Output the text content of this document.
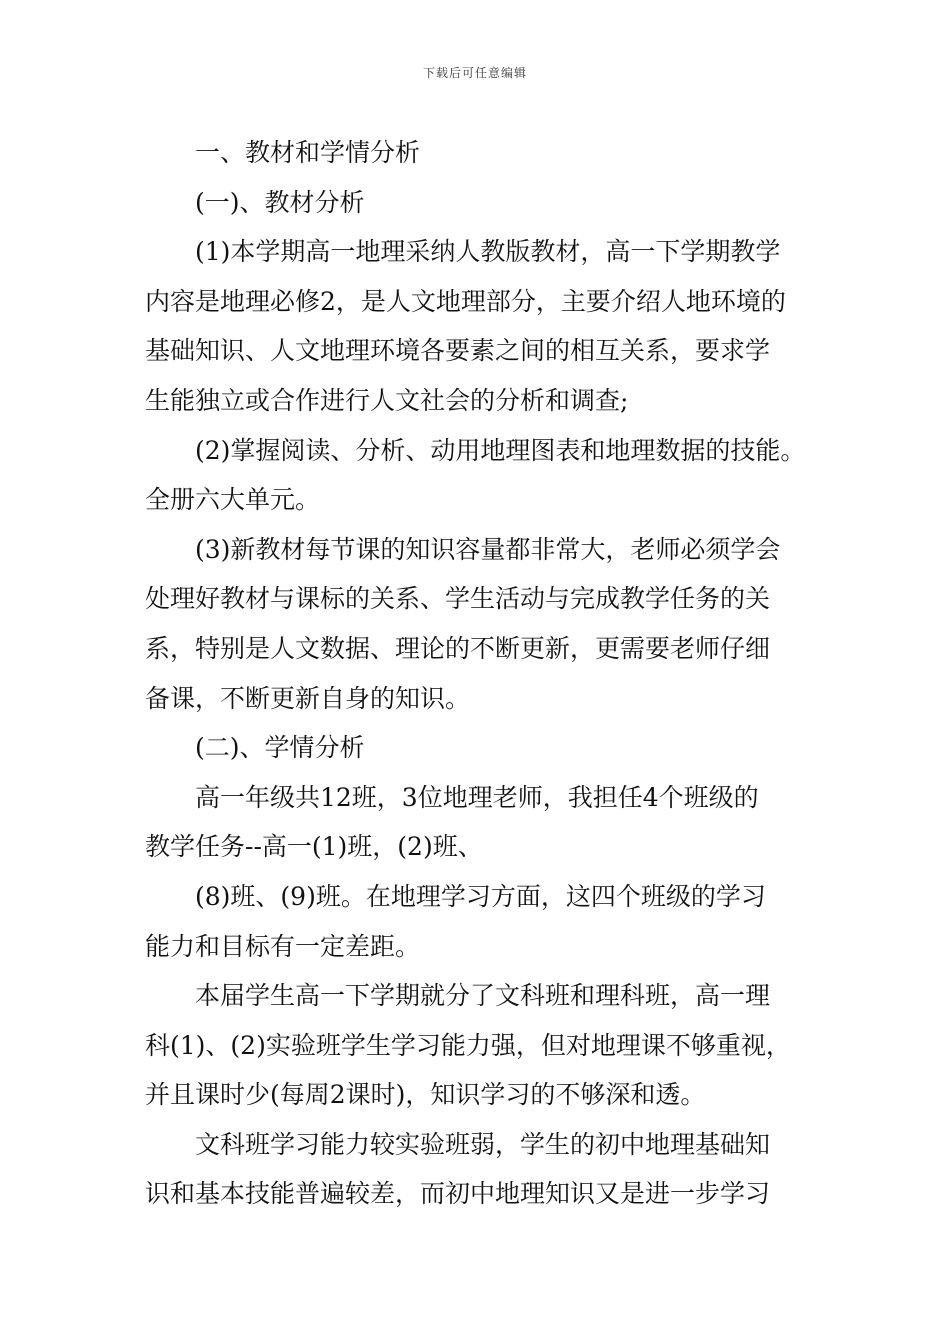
下载后可任意编辑

一、教材和学情分析

(一)、教材分析

(1)本学期高一地理采纳人教版教材，高一下学期教学
内容是地理必修2，是人文地理部分，主要介绍人地环境的
基础知识、人文地理环境各要素之间的相互关系，要求学
生能独立或合作进行人文社会的分析和调查;

(2)掌握阅读、分析、动用地理图表和地理数据的技能。
全册六大单元。

(3)新教材每节课的知识容量都非常大，老师必须学会
处理好教材与课标的关系、学生活动与完成教学任务的关
系，特别是人文数据、理论的不断更新，更需要老师仔细
备课，不断更新自身的知识。

(二)、学情分析

高一年级共12班，3位地理老师，我担任4个班级的
教学任务--高一(1)班，(2)班、

(8)班、(9)班。在地理学习方面，这四个班级的学习
能力和目标有一定差距。

本届学生高一下学期就分了文科班和理科班，高一理
科(1)、(2)实验班学生学习能力强，但对地理课不够重视，
并且课时少(每周2课时)，知识学习的不够深和透。

文科班学习能力较实验班弱，学生的初中地理基础知
识和基本技能普遍较差，而初中地理知识又是进一步学习
